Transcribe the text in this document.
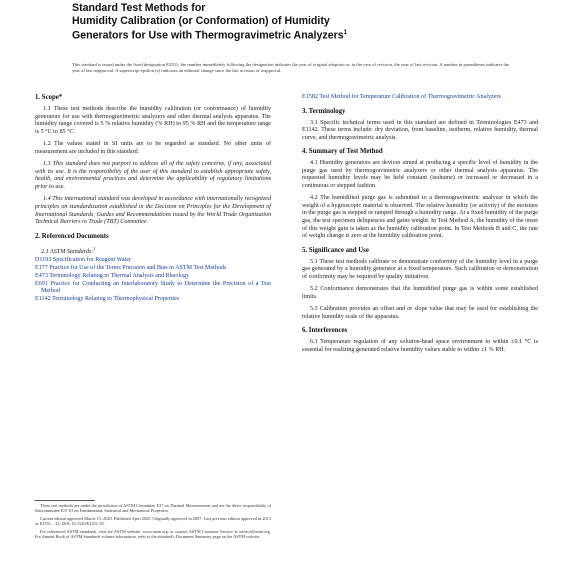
Standard Test Methods for
Humidity Calibration (or Conformation) of Humidity
Generators for Use with Thermogravimetric Analyzers$^1$
This standard is issued under the fixed designation E2551; the number immediately following the designation indicates the year of original adoption or, in the case of revision, the year of last revision. A number in parentheses indicates the year of last reapproval. A superscript epsilon (ε) indicates an editorial change since the last revision or reapproval.
1. Scope*

1.1 These test methods describe the humidity calibration (or conformance) of humidity generators for use with thermogravimetric analyzers and other thermal analysis apparatus. The humidity range covered is 5 % relative humidity (% RH) to 95 % RH and the temperature range is 5 °C to 85 °C.

1.2 The values stated in SI units are to be regarded as standard. No other units of measurement are included in this standard.

1.3 This standard does not purport to address all of the safety concerns, if any, associated with its use. It is the responsibility of the user of this standard to establish appropriate safety, health, and environmental practices and determine the applicability of regulatory limitations prior to use.

1.4 This international standard was developed in accordance with internationally recognized principles on standardization established in the Decision on Principles for the Development of International Standards, Guides and Recommendations issued by the World Trade Organization Technical Barriers to Trade (TBT) Committee.

2. Referenced Documents
2.1 ASTM Standards:$^2$
D1193 Specification for Reagent Water
E177 Practice for Use of the Terms Precision and Bias in ASTM Test Methods
E473 Terminology Relating to Thermal Analysis and Rheology
E691 Practice for Conducting an Interlaboratory Study to Determine the Precision of a Test Method
E1142 Terminology Relating to Thermophysical Properties

These test methods are under the jurisdiction of ASTM Committee E37 on Thermal Measurements and are the direct responsibility of Subcommittee E37.01 on Fundamental, Statistical and Mechanical Properties.

Current edition approved March 15, 2020. Published April 2020. Originally approved in 2007. Last previous edition approved in 2013 as E2551 – 13. DOI: 10.1520/E2551-20.

For referenced ASTM standards, visit the ASTM website, www.astm.org, or contact ASTM Customer Service at service@astm.org. For Annual Book of ASTM Standards volume information, refer to the standard's Document Summary page on the ASTM website.

E1582 Test Method for Temperature Calibration of Thermogravimetric Analyzers
3. Terminology

3.1 Specific technical terms used in this standard are defined in Terminologies E473 and E1142. These terms include: dry deviation, from baseline, isotherm, relative humidity, thermal curve, and thermogravimetric analysis.

4. Summary of Test Method

4.1 Humidity generators are devices aimed at producing a specific level of humidity in the purge gas used by thermogravimetric analyzers or other thermal analysis apparatus. The requested humidity levels may be held constant (isohume) or increased or decreased in a continuous or stepped fashion.

4.2 The humidified purge gas is submitted to a thermogravimetric analyzer in which the weight of a hygroscopic material is observed. The relative humidity (or activity) of the moisture in the purge gas is stepped or ramped through a humidity range. At a fixed humidity of the purge gas, the test specimen deliquesces and gains weight. In Test Method A, the humidity of the onset of this weight gain is taken as the humidity calibration point. In Test Methods B and C, the rate of weight change is zero at the humidity calibration point.

5. Significance and Use

5.1 These test methods calibrate or demonstrate conformity of the humidity level in a purge gas generated by a humidity generator at a fixed temperature. Such calibration or demonstration of conformity may be required by quality initiatives.

5.2 Conformance demonstrates that the humidified purge gas is within some established limits.

5.3 Calibration provides an offset and or slope value that may be used for establishing the relative humidity scale of the apparatus.

6. Interferences

6.1 Temperature regulation of any solution-head space environment to within ±0.1 °C is essential for realizing generated relative humidity values stable to within ±1 % RH.
